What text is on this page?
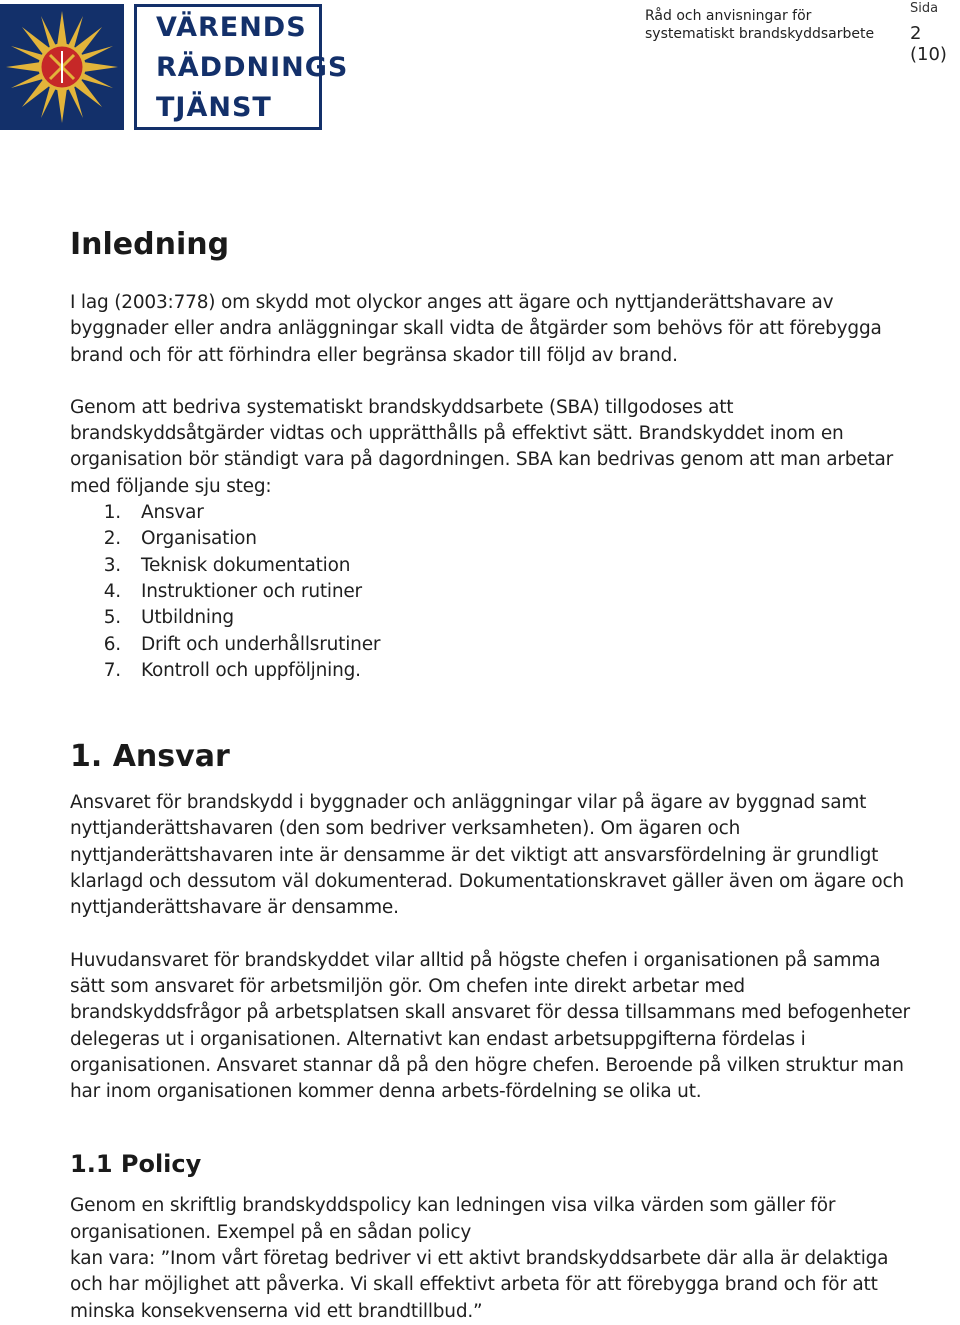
VÄRENDS
RÄDDNINGS
TJÄNST
Råd och anvisningar för
systematiskt brandskyddsarbete
Sida
2 (10)
Inledning

I lag (2003:778) om skydd mot olyckor anges att ägare och nyttjanderättshavare av byggnader eller andra anläggningar skall vidta de åtgärder som behövs för att förebygga brand och för att förhindra eller begränsa skador till följd av brand.

Genom att bedriva systematiskt brandskyddsarbete (SBA) tillgodoses att brandskyddsåtgärder vidtas och upprätthålls på effektivt sätt. Brandskyddet inom en organisation bör ständigt vara på dagordningen. SBA kan bedrivas genom att man arbetar med följande sju steg:

1.	Ansvar
2.	Organisation
3.	Teknisk dokumentation
4.	Instruktioner och rutiner
5.	Utbildning
6.	Drift och underhållsrutiner
7.	Kontroll och uppföljning.
1. Ansvar

Ansvaret för brandskydd i byggnader och anläggningar vilar på ägare av byggnad samt nyttjanderättshavaren (den som bedriver verksamheten). Om ägaren och nyttjanderättshavaren inte är densamme är det viktigt att ansvarsfördelning är grundligt klarlagd och dessutom väl dokumenterad. Dokumentationskravet gäller även om ägare och nyttjanderättshavare är densamme.

Huvudansvaret för brandskyddet vilar alltid på högste chefen i organisationen på samma sätt som ansvaret för arbetsmiljön gör. Om chefen inte direkt arbetar med brandskyddsfrågor på arbetsplatsen skall ansvaret för dessa tillsammans med befogenheter delegeras ut i organisationen. Alternativt kan endast arbetsuppgifterna fördelas i organisationen. Ansvaret stannar då på den högre chefen. Beroende på vilken struktur man har inom organisationen kommer denna arbets-fördelning se olika ut.

1.1 Policy

Genom en skriftlig brandskyddspolicy kan ledningen visa vilka värden som gäller för organisationen. Exempel på en sådan policy

kan vara: ”Inom vårt företag bedriver vi ett aktivt brandskyddsarbete där alla är delaktiga och har möjlighet att påverka. Vi skall effektivt arbeta för att förebygga brand och för att minska konsekvenserna vid ett brandtillbud.”
